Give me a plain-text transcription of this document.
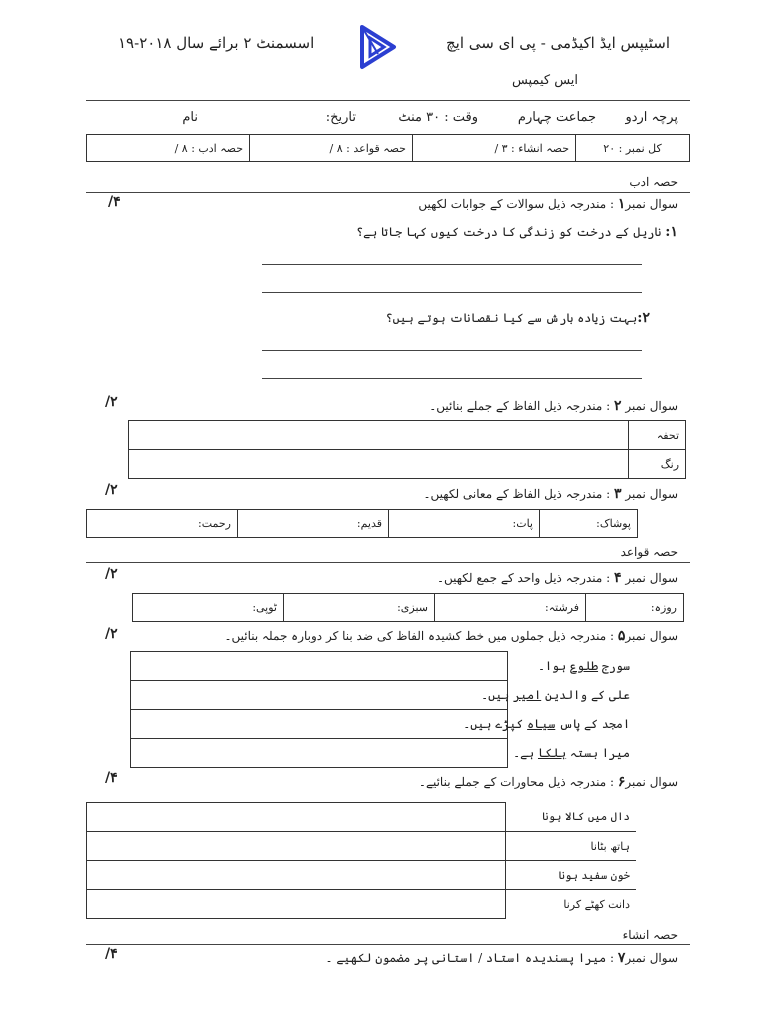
اسٹیپس ایڈ اکیڈمی - پی ای سی ایچ
ایس کیمپس
اسسمنٹ ۲ برائے سال ۲۰۱۸-۱۹
پرچہ اردو
جماعت چہارم
وقت : ۳۰ منٹ
تاریخ:
نام
حصہ ادب : ۸ /	حصہ قواعد : ۸ /	حصہ انشاء : ۳ /	کل نمبر : ۲۰
حصہ ادب
سوال نمبر۱ : مندرجہ ذیل سوالات کے جوابات لکھیں
/۴
۱: ناریل کے درخت کو زندگی کا درخت کیوں کہا جاتا ہے؟
۲:بہت زیادہ بارش سے کیا نقصانات ہوتے ہیں؟
سوال نمبر ۲ : مندرجہ ذیل الفاظ کے جملے بنائیں۔
/۲
	تحفہ
	رنگ
سوال نمبر ۳ : مندرجہ ذیل الفاظ کے معانی لکھیں۔
/۲
رحمت:	قدیم:	پات:	پوشاک:
حصہ قواعد
سوال نمبر ۴ : مندرجہ ذیل واحد کے جمع لکھیں۔
/۲
ٹوپی:	سبزی:	فرشتہ:	روزہ:
سوال نمبر۵ : مندرجہ ذیل جملوں میں خط کشیدہ الفاظ کی ضد بنا کر دوبارہ جملہ بنائیں۔
/۲

سورج طلوع ہوا۔
علی کے والدین امیر ہیں۔
امجد کے پاس سیاہ کپڑے ہیں۔
میرا بستہ ہلکا ہے۔
سوال نمبر۶ : مندرجہ ذیل محاورات کے جملے بنائیے۔
/۴
	دال میں کالا ہونا
	ہاتھ بٹانا
	خون سفید ہونا
	دانت کھٹے کرنا
حصہ انشاء
سوال نمبر۷ : میرا پسندیدہ استاد / استانی پر مضمون لکھیے ۔
/۴
